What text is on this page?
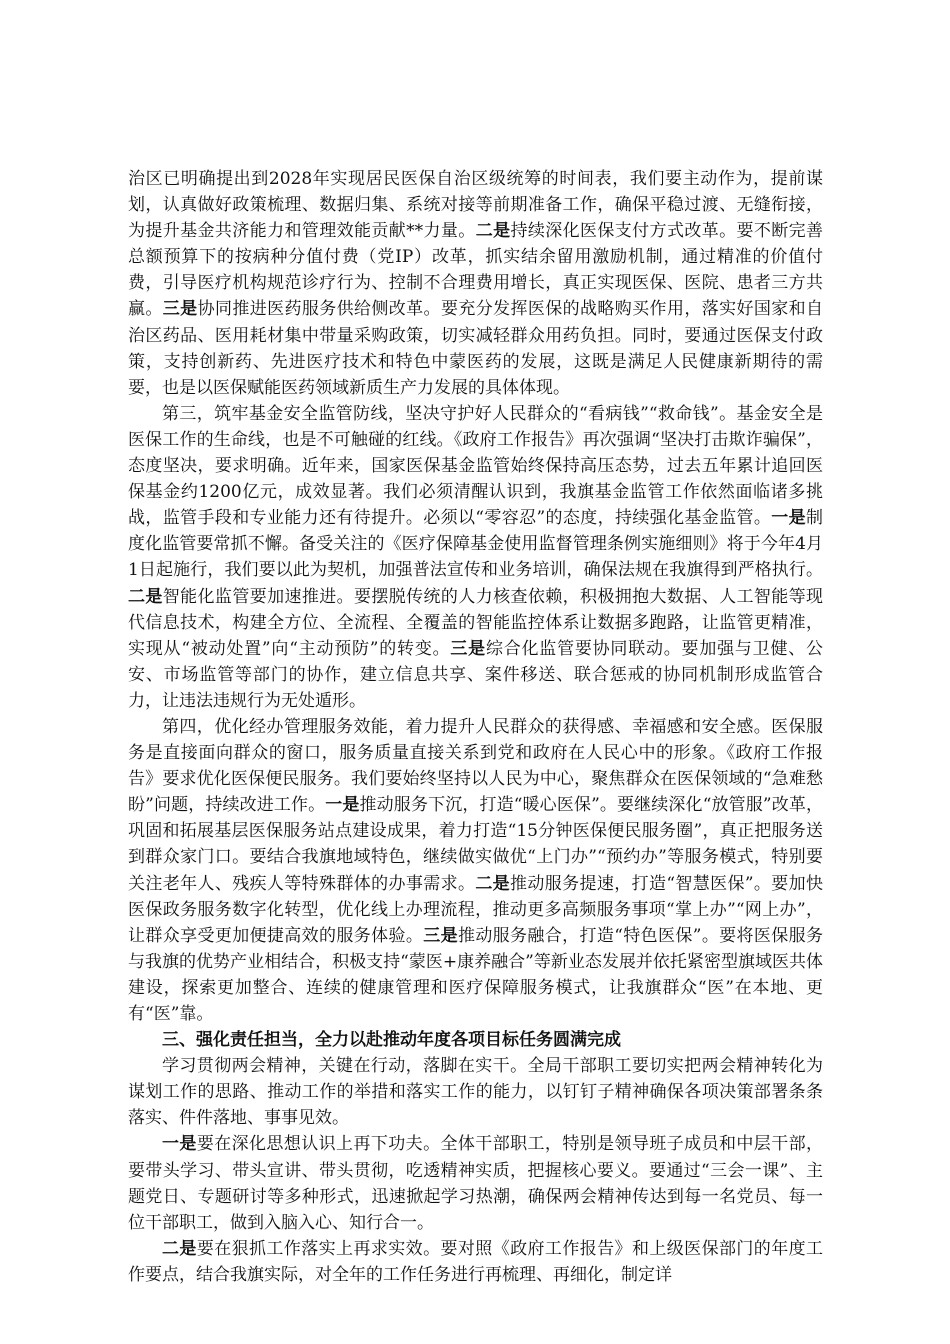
治区已明确提出到2028年实现居民医保自治区级统筹的时间表，我们要主动作为，提前谋划，认真做好政策梳理、数据归集、系统对接等前期准备工作，确保平稳过渡、无缝衔接，为提升基金共济能力和管理效能贡献**力量。二是持续深化医保支付方式改革。要不断完善总额预算下的按病种分值付费（党IP）改革，抓实结余留用激励机制，通过精准的价值付费，引导医疗机构规范诊疗行为、控制不合理费用增长，真正实现医保、医院、患者三方共赢。三是协同推进医药服务供给侧改革。要充分发挥医保的战略购买作用，落实好国家和自治区药品、医用耗材集中带量采购政策，切实减轻群众用药负担。同时，要通过医保支付政策，支持创新药、先进医疗技术和特色中蒙医药的发展，这既是满足人民健康新期待的需要，也是以医保赋能医药领域新质生产力发展的具体体现。

第三，筑牢基金安全监管防线，坚决守护好人民群众的“看病钱”“救命钱”。基金安全是医保工作的生命线，也是不可触碰的红线。《政府工作报告》再次强调“坚决打击欺诈骗保”，态度坚决，要求明确。近年来，国家医保基金监管始终保持高压态势，过去五年累计追回医保基金约1200亿元，成效显著。我们必须清醒认识到，我旗基金监管工作依然面临诸多挑战，监管手段和专业能力还有待提升。必须以“零容忍”的态度，持续强化基金监管。一是制度化监管要常抓不懈。备受关注的《医疗保障基金使用监督管理条例实施细则》将于今年4月1日起施行，我们要以此为契机，加强普法宣传和业务培训，确保法规在我旗得到严格执行。二是智能化监管要加速推进。要摆脱传统的人力核查依赖，积极拥抱大数据、人工智能等现代信息技术，构建全方位、全流程、全覆盖的智能监控体系让数据多跑路，让监管更精准，实现从“被动处置”向“主动预防”的转变。三是综合化监管要协同联动。要加强与卫健、公安、市场监管等部门的协作，建立信息共享、案件移送、联合惩戒的协同机制形成监管合力，让违法违规行为无处遁形。

第四，优化经办管理服务效能，着力提升人民群众的获得感、幸福感和安全感。医保服务是直接面向群众的窗口，服务质量直接关系到党和政府在人民心中的形象。《政府工作报告》要求优化医保便民服务。我们要始终坚持以人民为中心，聚焦群众在医保领域的“急难愁盼”问题，持续改进工作。一是推动服务下沉，打造“暖心医保”。要继续深化“放管服”改革，巩固和拓展基层医保服务站点建设成果，着力打造“15分钟医保便民服务圈”，真正把服务送到群众家门口。要结合我旗地域特色，继续做实做优“上门办”“预约办”等服务模式，特别要关注老年人、残疾人等特殊群体的办事需求。二是推动服务提速，打造“智慧医保”。要加快医保政务服务数字化转型，优化线上办理流程，推动更多高频服务事项“掌上办”“网上办”，让群众享受更加便捷高效的服务体验。三是推动服务融合，打造“特色医保”。要将医保服务与我旗的优势产业相结合，积极支持“蒙医+康养融合”等新业态发展并依托紧密型旗域医共体建设，探索更加整合、连续的健康管理和医疗保障服务模式，让我旗群众“医”在本地、更有“医”靠。

三、强化责任担当，全力以赴推动年度各项目标任务圆满完成

学习贯彻两会精神，关键在行动，落脚在实干。全局干部职工要切实把两会精神转化为谋划工作的思路、推动工作的举措和落实工作的能力，以钉钉子精神确保各项决策部署条条落实、件件落地、事事见效。

一是要在深化思想认识上再下功夫。全体干部职工，特别是领导班子成员和中层干部，要带头学习、带头宣讲、带头贯彻，吃透精神实质，把握核心要义。要通过“三会一课”、主题党日、专题研讨等多种形式，迅速掀起学习热潮，确保两会精神传达到每一名党员、每一位干部职工，做到入脑入心、知行合一。

二是要在狠抓工作落实上再求实效。要对照《政府工作报告》和上级医保部门的年度工作要点，结合我旗实际，对全年的工作任务进行再梳理、再细化，制定详
